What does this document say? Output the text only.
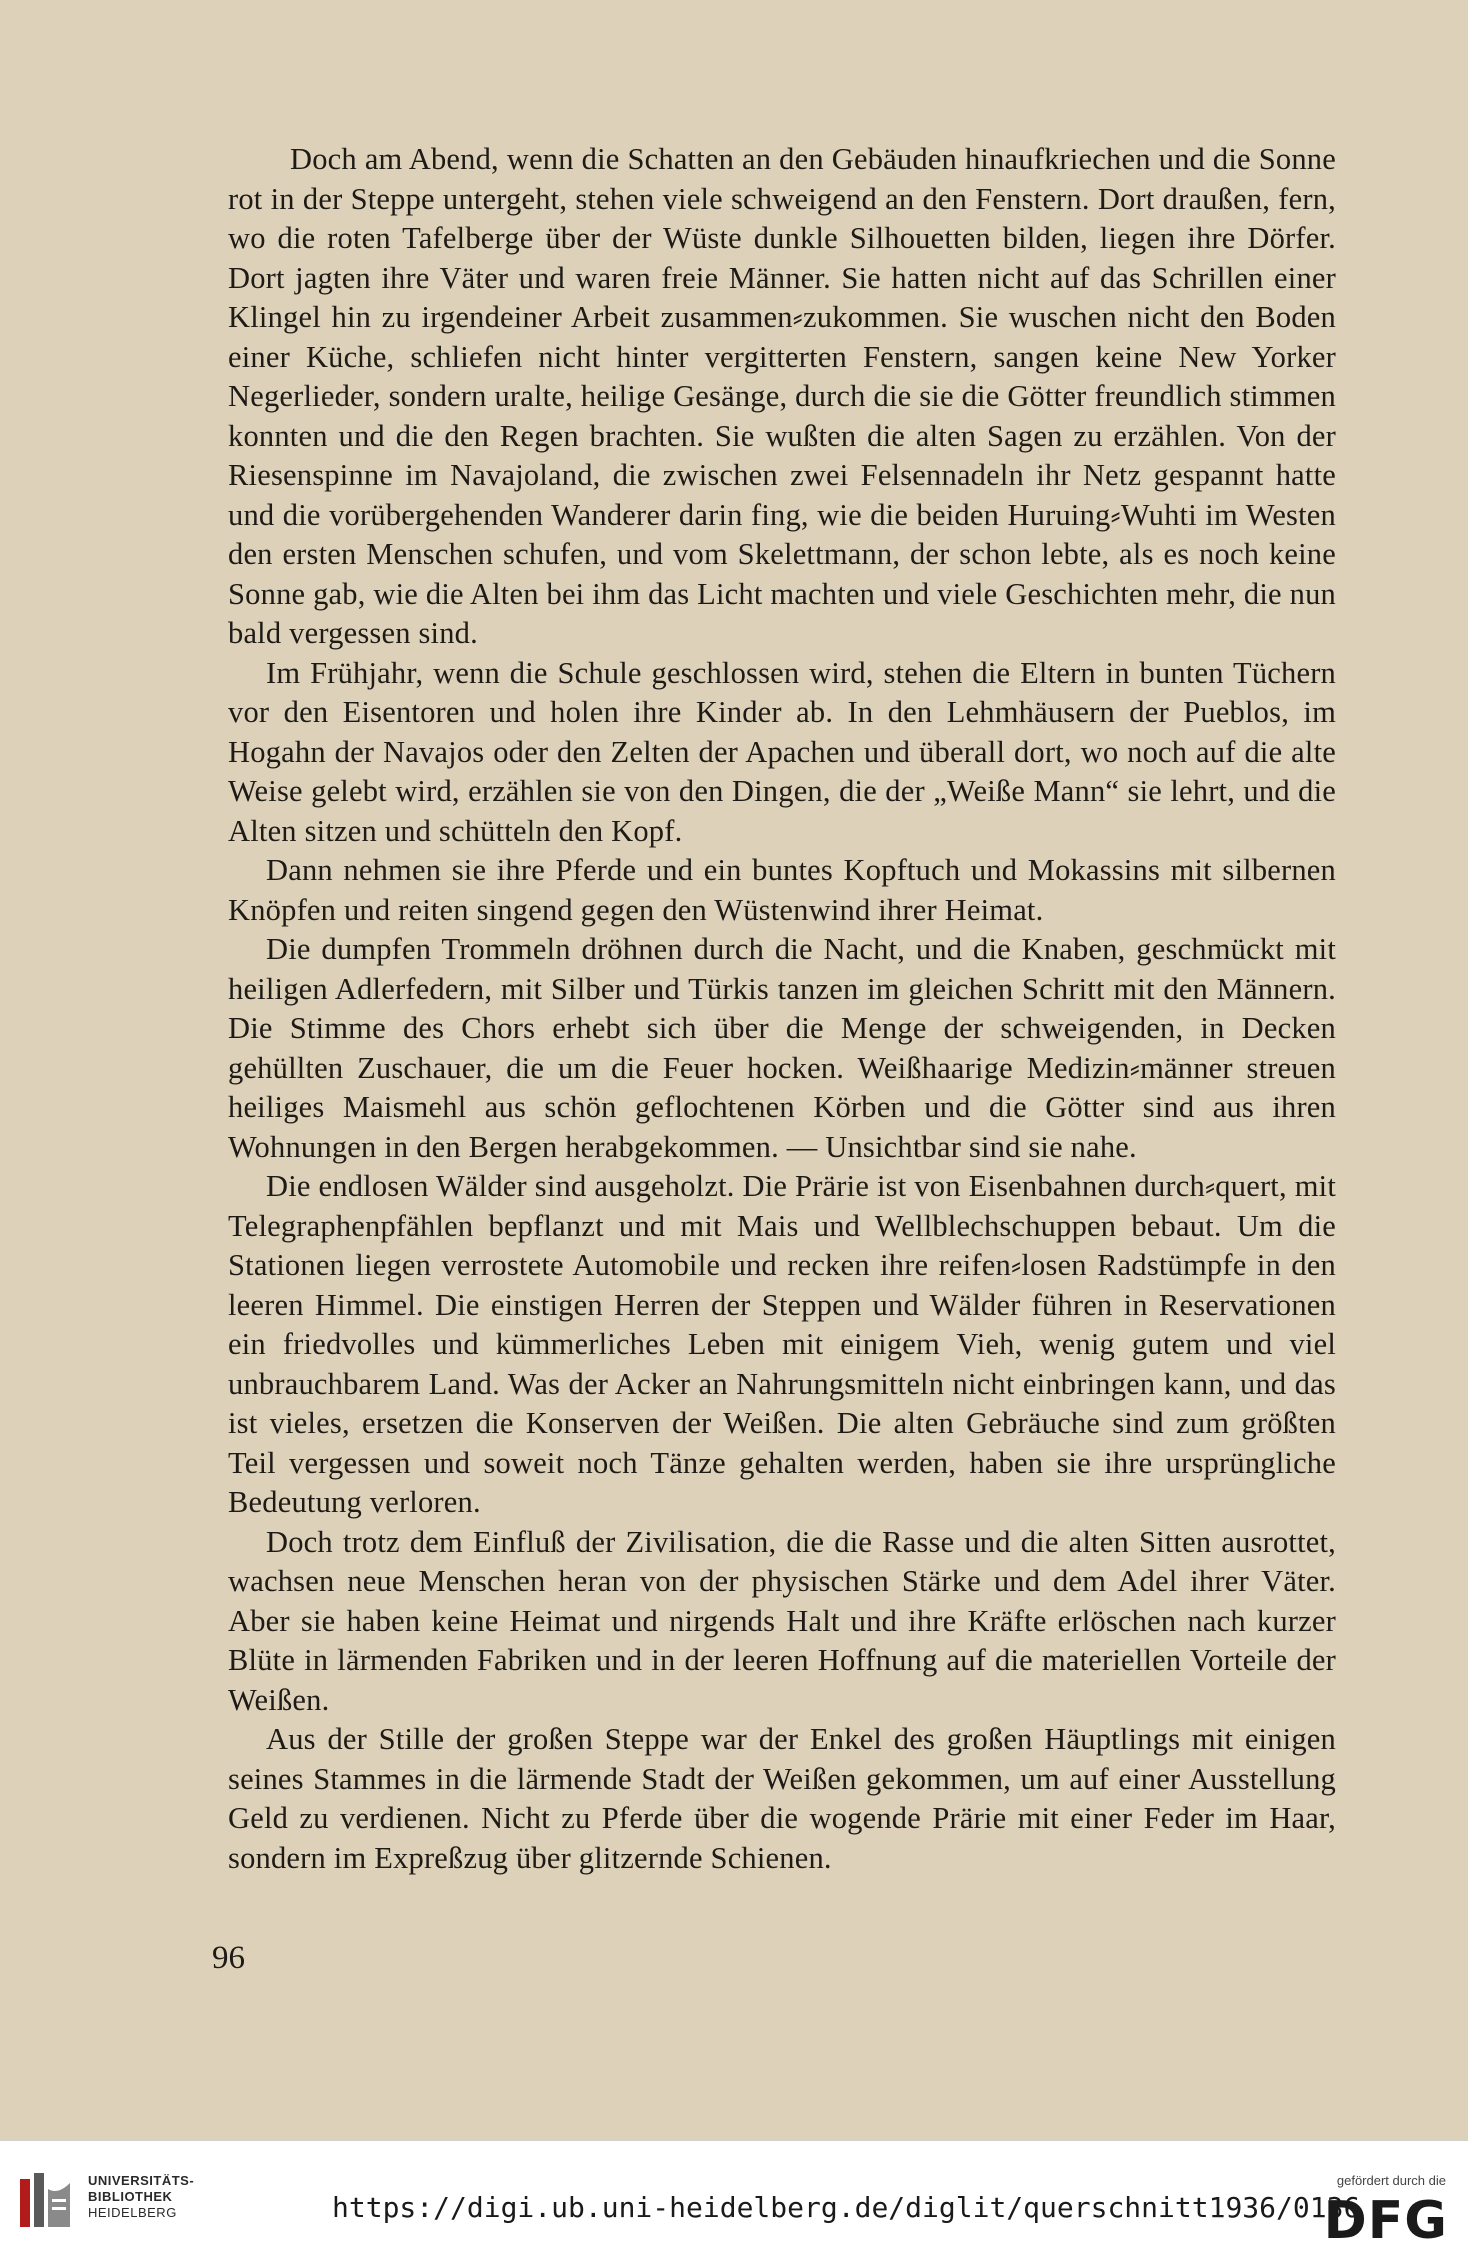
Doch am Abend, wenn die Schatten an den Gebäuden hinaufkriechen und die Sonne rot in der Steppe untergeht, stehen viele schweigend an den Fenstern. Dort draußen, fern, wo die roten Tafelberge über der Wüste dunkle Silhouetten bilden, liegen ihre Dörfer. Dort jagten ihre Väter und waren freie Männer. Sie hatten nicht auf das Schrillen einer Klingel hin zu irgendeiner Arbeit zusammen⸗zukommen. Sie wuschen nicht den Boden einer Küche, schliefen nicht hinter vergitterten Fenstern, sangen keine New Yorker Negerlieder, sondern uralte, heilige Gesänge, durch die sie die Götter freundlich stimmen konnten und die den Regen brachten. Sie wußten die alten Sagen zu erzählen. Von der Riesenspinne im Navajoland, die zwischen zwei Felsennadeln ihr Netz gespannt hatte und die vorübergehenden Wanderer darin fing, wie die beiden Huruing⸗Wuhti im Westen den ersten Menschen schufen, und vom Skelettmann, der schon lebte, als es noch keine Sonne gab, wie die Alten bei ihm das Licht machten und viele Geschichten mehr, die nun bald vergessen sind.

Im Frühjahr, wenn die Schule geschlossen wird, stehen die Eltern in bunten Tüchern vor den Eisentoren und holen ihre Kinder ab. In den Lehmhäusern der Pueblos, im Hogahn der Navajos oder den Zelten der Apachen und überall dort, wo noch auf die alte Weise gelebt wird, erzählen sie von den Dingen, die der „Weiße Mann“ sie lehrt, und die Alten sitzen und schütteln den Kopf.

Dann nehmen sie ihre Pferde und ein buntes Kopftuch und Mokassins mit silbernen Knöpfen und reiten singend gegen den Wüstenwind ihrer Heimat.

Die dumpfen Trommeln dröhnen durch die Nacht, und die Knaben, geschmückt mit heiligen Adlerfedern, mit Silber und Türkis tanzen im gleichen Schritt mit den Männern. Die Stimme des Chors erhebt sich über die Menge der schweigenden, in Decken gehüllten Zuschauer, die um die Feuer hocken. Weißhaarige Medizin⸗männer streuen heiliges Maismehl aus schön geflochtenen Körben und die Götter sind aus ihren Wohnungen in den Bergen herabgekommen. — Unsichtbar sind sie nahe.

Die endlosen Wälder sind ausgeholzt. Die Prärie ist von Eisenbahnen durch⸗quert, mit Telegraphenpfählen bepflanzt und mit Mais und Wellblechschuppen bebaut. Um die Stationen liegen verrostete Automobile und recken ihre reifen⸗losen Radstümpfe in den leeren Himmel. Die einstigen Herren der Steppen und Wälder führen in Reservationen ein friedvolles und kümmerliches Leben mit einigem Vieh, wenig gutem und viel unbrauchbarem Land. Was der Acker an Nahrungsmitteln nicht einbringen kann, und das ist vieles, ersetzen die Konserven der Weißen. Die alten Gebräuche sind zum größten Teil vergessen und soweit noch Tänze gehalten werden, haben sie ihre ursprüngliche Bedeutung verloren.

Doch trotz dem Einfluß der Zivilisation, die die Rasse und die alten Sitten ausrottet, wachsen neue Menschen heran von der physischen Stärke und dem Adel ihrer Väter. Aber sie haben keine Heimat und nirgends Halt und ihre Kräfte erlöschen nach kurzer Blüte in lärmenden Fabriken und in der leeren Hoffnung auf die materiellen Vorteile der Weißen.

Aus der Stille der großen Steppe war der Enkel des großen Häuptlings mit einigen seines Stammes in die lärmende Stadt der Weißen gekommen, um auf einer Ausstellung Geld zu verdienen. Nicht zu Pferde über die wogende Prärie mit einer Feder im Haar, sondern im Expreßzug über glitzernde Schienen.

96
UNIVERSITÄTS-
BIBLIOTHEK
HEIDELBERG	https://digi.ub.uni-heidelberg.de/diglit/querschnitt1936/0136
gefördert durch die
DFG
